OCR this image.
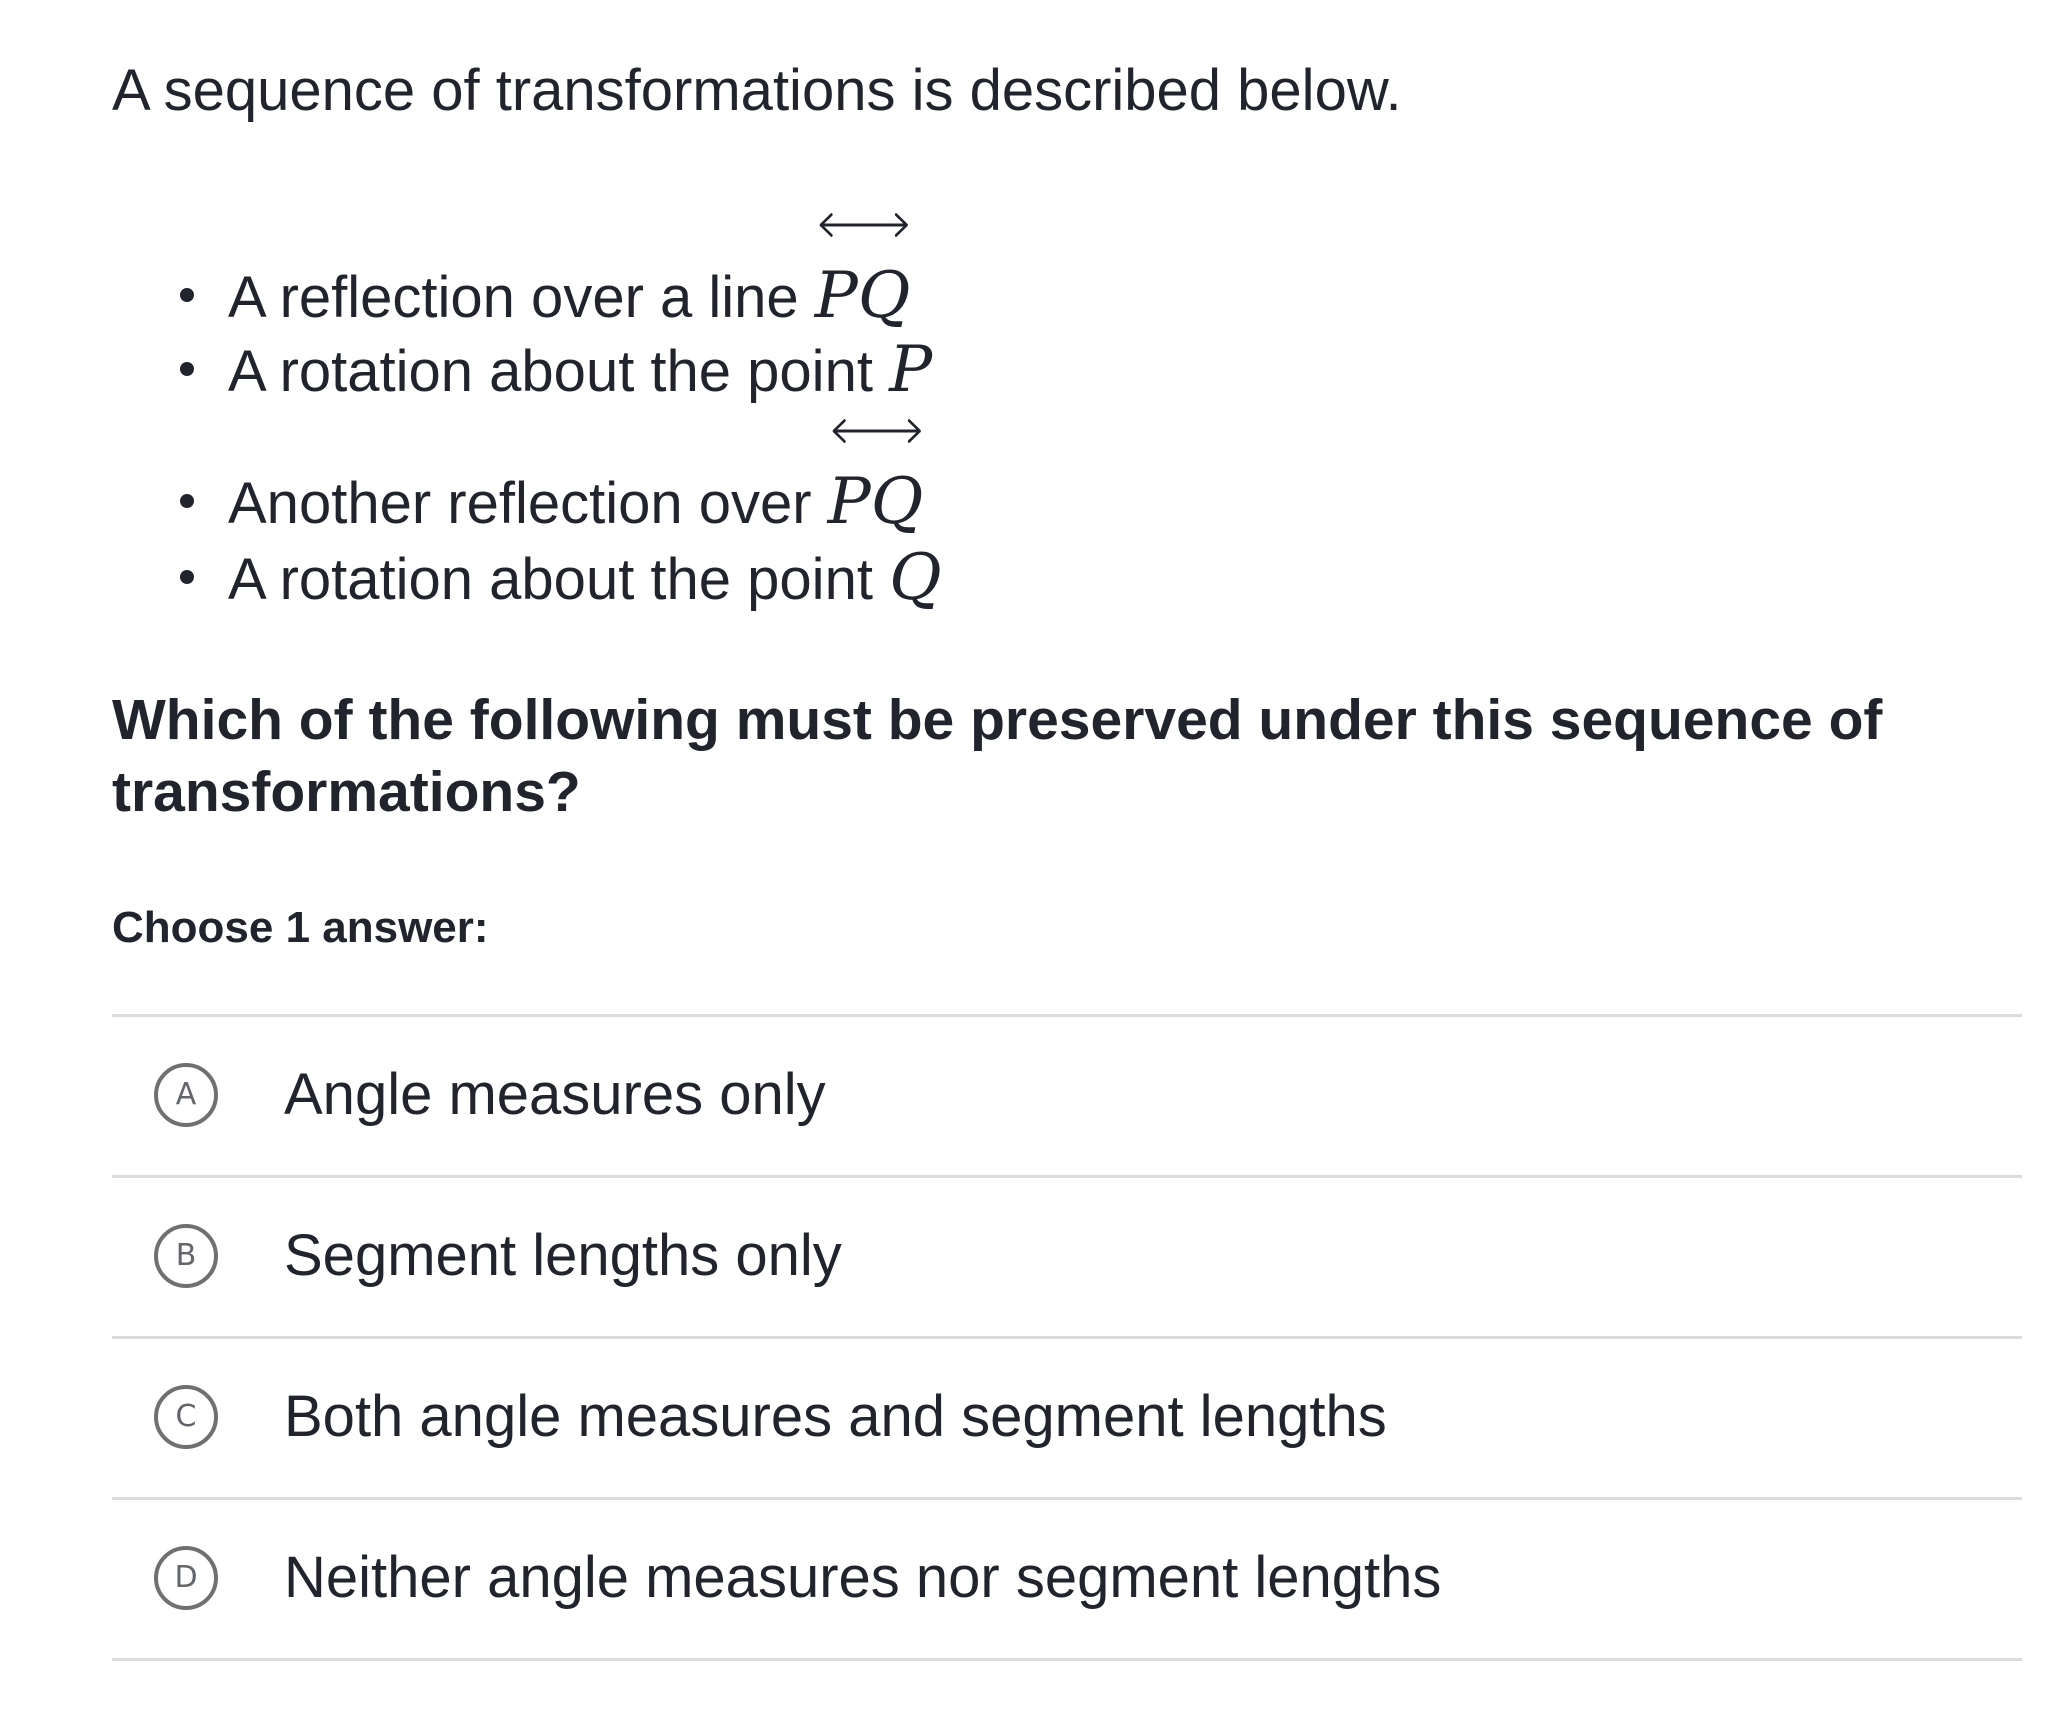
A sequence of transformations is described below.
A reflection over a line
PQ
A rotation about the point P
Another reflection over
PQ
A rotation about the point Q
Which of the following must be preserved under this sequence of transformations?
Choose 1 answer:
A	Angle measures only
B	Segment lengths only
C	Both angle measures and segment lengths
D	Neither angle measures nor segment lengths
